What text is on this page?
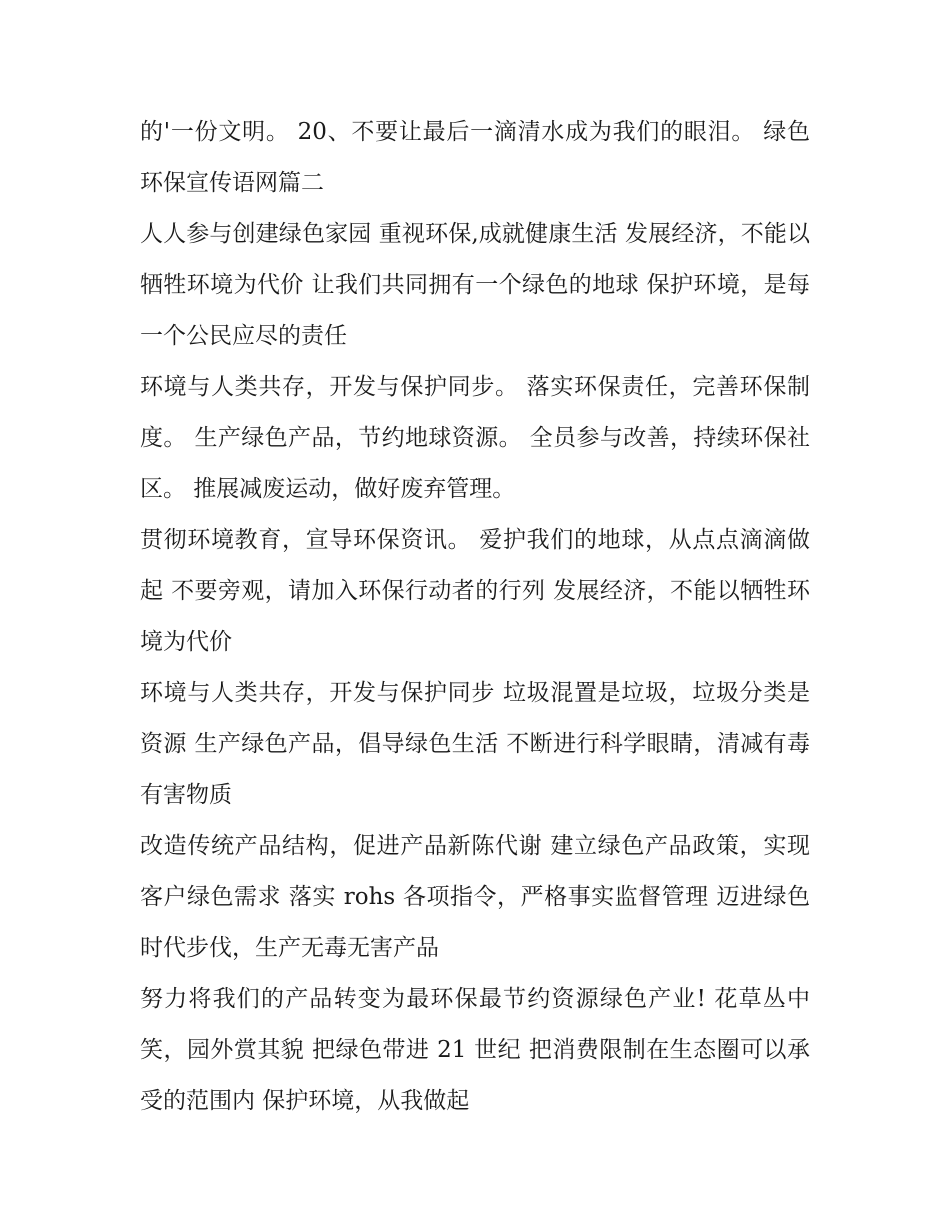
的'一份文明。 20、不要让最后一滴清水成为我们的眼泪。 绿色环保宣传语网篇二

人人参与创建绿色家园 重视环保,成就健康生活 发展经济，不能以牺牲环境为代价 让我们共同拥有一个绿色的地球 保护环境，是每一个公民应尽的责任

环境与人类共存，开发与保护同步。 落实环保责任，完善环保制度。 生产绿色产品，节约地球资源。 全员参与改善，持续环保社区。 推展减废运动，做好废弃管理。

贯彻环境教育，宣导环保资讯。 爱护我们的地球，从点点滴滴做起 不要旁观，请加入环保行动者的行列 发展经济，不能以牺牲环境为代价

环境与人类共存，开发与保护同步 垃圾混置是垃圾，垃圾分类是资源 生产绿色产品，倡导绿色生活 不断进行科学眼睛，清减有毒有害物质

改造传统产品结构，促进产品新陈代谢 建立绿色产品政策，实现客户绿色需求 落实 rohs 各项指令，严格事实监督管理 迈进绿色时代步伐，生产无毒无害产品

努力将我们的产品转变为最环保最节约资源绿色产业! 花草丛中笑，园外赏其貌 把绿色带进 21 世纪 把消费限制在生态圈可以承受的范围内 保护环境，从我做起
